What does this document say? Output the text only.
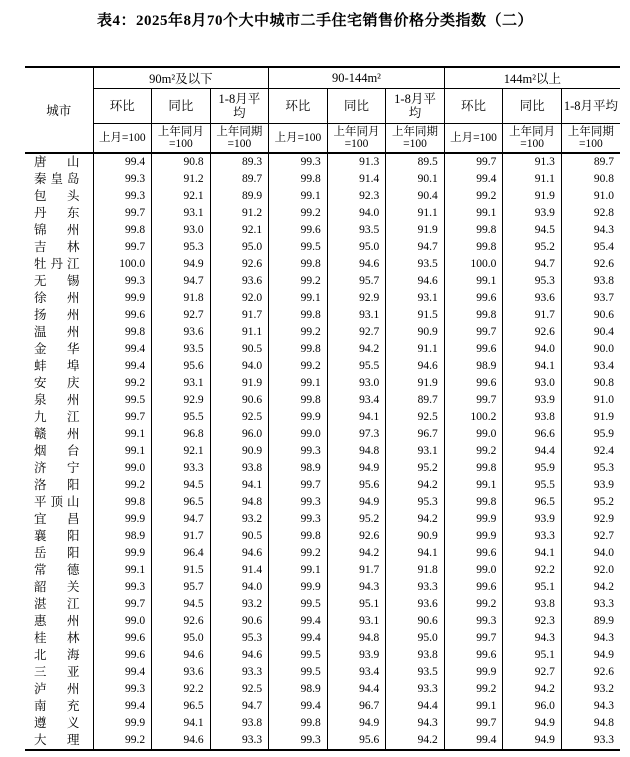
表4：2025年8月70个大中城市二手住宅销售价格分类指数（二）
城市	90m²及以下			90-144m²			144m²以上		
	环比	同比	1-8月平均	环比	同比	1-8月平均	环比	同比	1-8月平均
	上月=100	上年同月=100	上年同期=100	上月=100	上年同月=100	上年同期=100	上月=100	上年同月=100	上年同期=100

唐山	99.4	90.8	89.3	99.3	91.3	89.5	99.7	91.3	89.7

秦皇岛	99.3	91.2	89.7	99.8	91.4	90.1	99.4	91.1	90.8

包头	99.3	92.1	89.9	99.1	92.3	90.4	99.2	91.9	91.0

丹东	99.7	93.1	91.2	99.2	94.0	91.1	99.1	93.9	92.8

锦州	99.8	93.0	92.1	99.6	93.5	91.9	99.8	94.5	94.3

吉林	99.7	95.3	95.0	99.5	95.0	94.7	99.8	95.2	95.4

牡丹江	100.0	94.9	92.6	99.8	94.6	93.5	100.0	94.7	92.6

无锡	99.3	94.7	93.6	99.2	95.7	94.6	99.1	95.3	93.8

徐州	99.9	91.8	92.0	99.1	92.9	93.1	99.6	93.6	93.7

扬州	99.6	92.7	91.7	99.8	93.1	91.5	99.8	91.7	90.6

温州	99.8	93.6	91.1	99.2	92.7	90.9	99.7	92.6	90.4

金华	99.4	93.5	90.5	99.8	94.2	91.1	99.6	94.0	90.0

蚌埠	99.4	95.6	94.0	99.2	95.5	94.6	98.9	94.1	93.4

安庆	99.2	93.1	91.9	99.1	93.0	91.9	99.6	93.0	90.8

泉州	99.5	92.9	90.6	99.8	93.4	89.7	99.7	93.9	91.0

九江	99.7	95.5	92.5	99.9	94.1	92.5	100.2	93.8	91.9

赣州	99.1	96.8	96.0	99.0	97.3	96.7	99.0	96.6	95.9

烟台	99.1	92.1	90.9	99.3	94.8	93.1	99.2	94.4	92.4

济宁	99.0	93.3	93.8	98.9	94.9	95.2	99.8	95.9	95.3

洛阳	99.2	94.5	94.1	99.7	95.6	94.2	99.1	95.5	93.9

平顶山	99.8	96.5	94.8	99.3	94.9	95.3	99.8	96.5	95.2

宜昌	99.9	94.7	93.2	99.3	95.2	94.2	99.9	93.9	92.9

襄阳	98.9	91.7	90.5	99.8	92.6	90.9	99.9	93.3	92.7

岳阳	99.9	96.4	94.6	99.2	94.2	94.1	99.6	94.1	94.0

常德	99.1	91.5	91.4	99.1	91.7	91.8	99.0	92.2	92.0

韶关	99.3	95.7	94.0	99.9	94.3	93.3	99.6	95.1	94.2

湛江	99.7	94.5	93.2	99.5	95.1	93.6	99.2	93.8	93.3

惠州	99.0	92.6	90.6	99.4	93.1	90.6	99.3	92.3	89.9

桂林	99.6	95.0	95.3	99.4	94.8	95.0	99.7	94.3	94.3

北海	99.6	94.6	94.6	99.5	93.9	93.8	99.6	95.1	94.9

三亚	99.4	93.6	93.3	99.5	93.4	93.5	99.9	92.7	92.6

泸州	99.3	92.2	92.5	98.9	94.4	93.3	99.2	94.2	93.2

南充	99.4	96.5	94.7	99.4	96.7	94.4	99.1	96.0	94.3

遵义	99.9	94.1	93.8	99.8	94.9	94.3	99.7	94.9	94.8

大理	99.2	94.6	93.3	99.3	95.6	94.2	99.4	94.9	93.3
